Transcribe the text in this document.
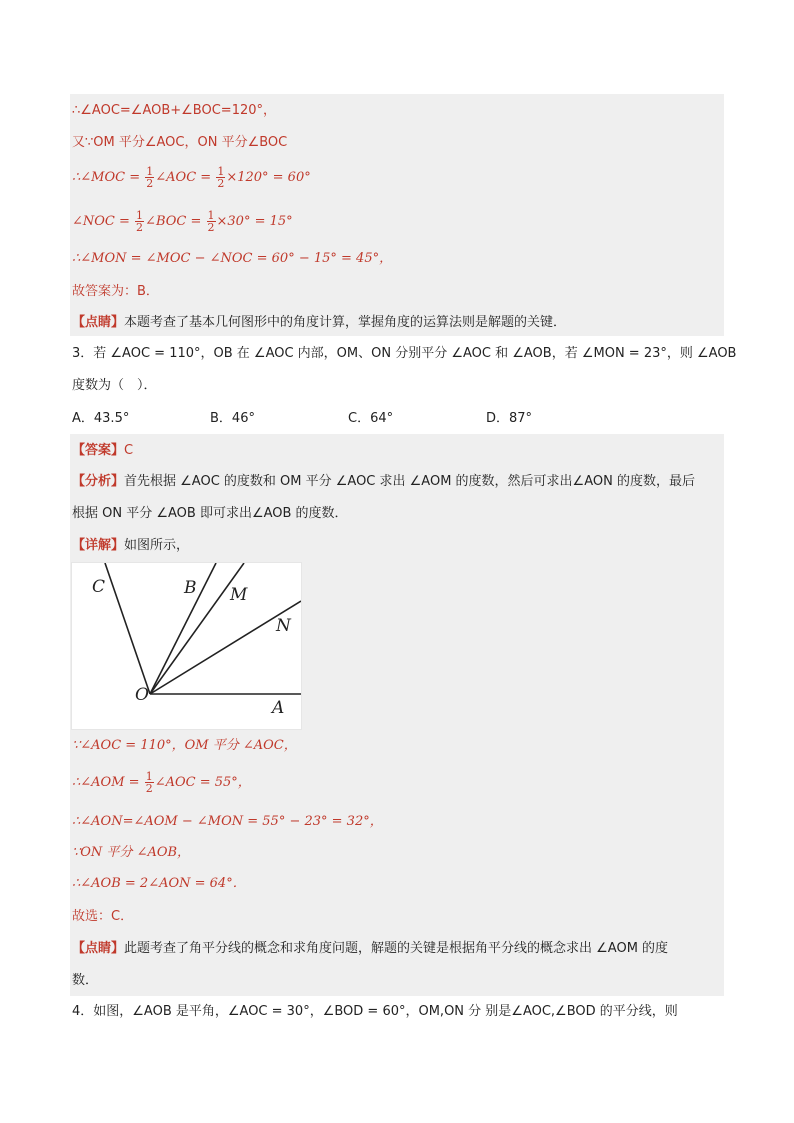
∴∠AOC=∠AOB+∠BOC=120°，
又∵OM 平分∠AOC，ON 平分∠BOC
∴∠MOC = $\frac{1}{2}$ ∠AOC = $\frac{1}{2} \times 120^\circ = 60^\circ$
∠NOC = $\frac{1}{2}$ ∠BOC = $\frac{1}{2} \times 30^\circ = 15^\circ$
∴∠MON = ∠MOC − ∠NOC = 60° − 15° = 45°，
故答案为：B．
【点睛】本题考查了基本几何图形中的角度计算，掌握角度的运算法则是解题的关键．
3．若 ∠AOC = 110°，OB 在 ∠AOC 内部，OM、ON 分别平分 ∠AOC 和 ∠AOB，若 ∠MON = 23°，则 ∠AOB
度数为（　）．
A．43.5°	B．46°	C．64°	D．87°
【答案】C
【分析】首先根据 ∠AOC 的度数和 OM 平分 ∠AOC 求出 ∠AOM 的度数，然后可求出∠AON 的度数，最后
根据 ON 平分 ∠AOB 即可求出∠AOB 的度数．
【详解】如图所示，
C	B M
N
O
A
∵∠AOC = 110°，OM 平分 ∠AOC，
∴∠AOM = $\frac{1}{2}$ ∠AOC = 55°，
∴∠AON=∠AOM − ∠MON = 55° − 23° = 32°，
∵ON 平分 ∠AOB，
∴∠AOB = 2∠AON = 64°．
故选：C．
【点睛】此题考查了角平分线的概念和求角度问题，解题的关键是根据角平分线的概念求出 ∠AOM 的度
数．
4．如图，∠AOB 是平角，∠AOC = 30°，∠BOD = 60°，OM,ON 分 别是∠AOC,∠BOD 的平分线，则
